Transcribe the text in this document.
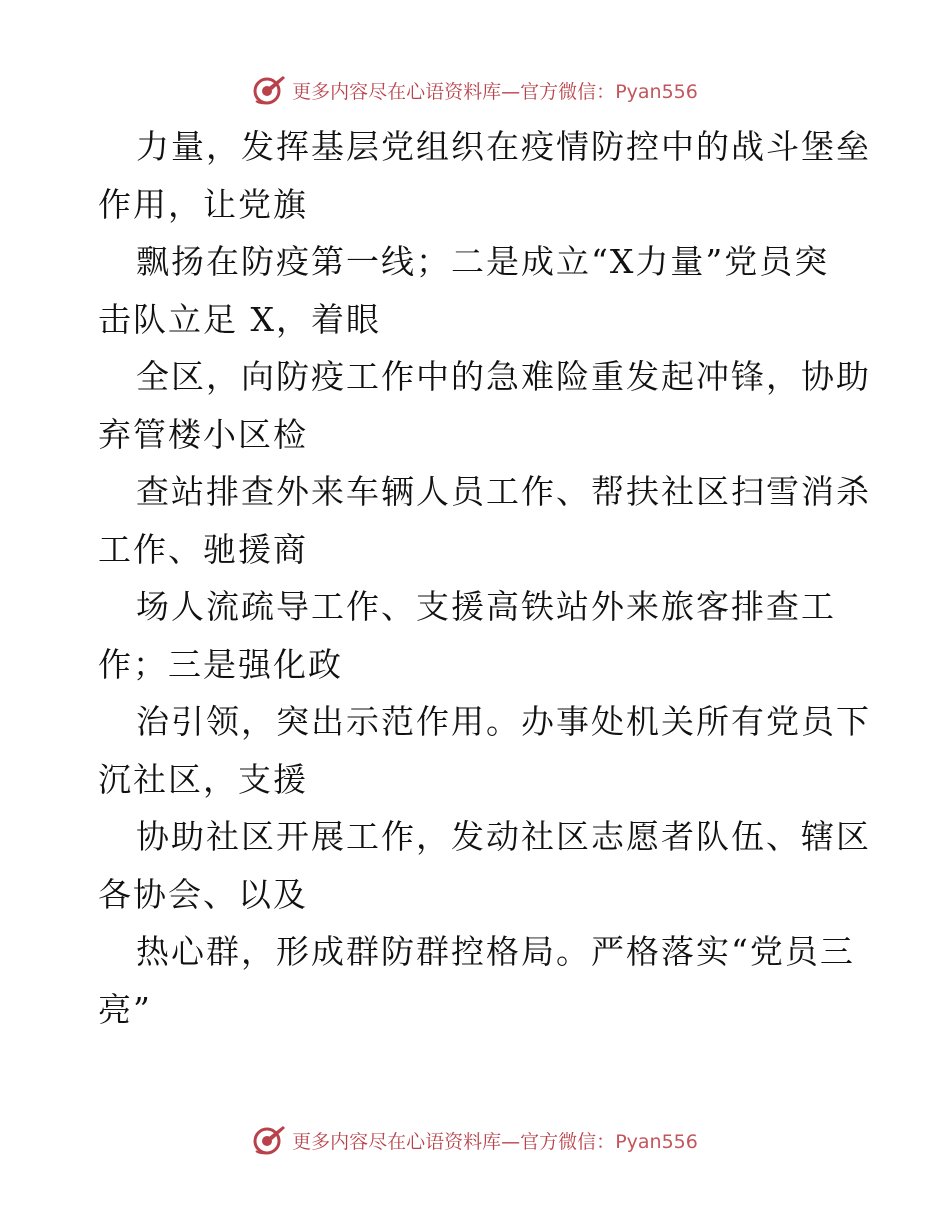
更多内容尽在心语资料库—官方微信：Pyan556
力量，发挥基层党组织在疫情防控中的战斗堡垒
作用，让党旗
飘扬在防疫第一线；二是成立“X力量”党员突
击队立足 X，着眼
全区，向防疫工作中的急难险重发起冲锋，协助
弃管楼小区检
查站排查外来车辆人员工作、帮扶社区扫雪消杀
工作、驰援商
场人流疏导工作、支援高铁站外来旅客排查工
作；三是强化政
治引领，突出示范作用。办事处机关所有党员下
沉社区，支援
协助社区开展工作，发动社区志愿者队伍、辖区
各协会、以及
热心群，形成群防群控格局。严格落实“党员三
亮”
更多内容尽在心语资料库—官方微信：Pyan556
